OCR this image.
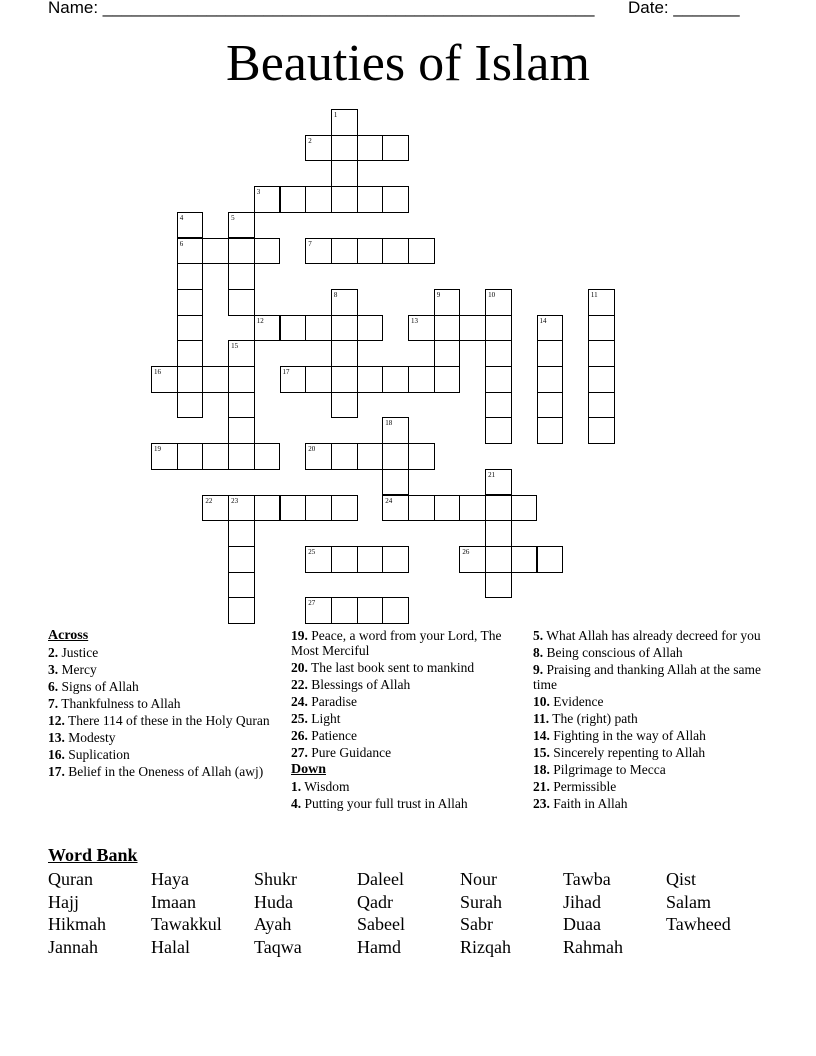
Name: ____________________________________________________ Date: _______
Beauties of Islam
1
2
3
4
6
5
7
8	9	10	11
12	13	14
15
16	17
18
24
19	20
21
22	23
25	26
27
Across
2. Justice
3. Mercy
6. Signs of Allah
7. Thankfulness to Allah
12. There 114 of these in the Holy Quran
13. Modesty
16. Suplication
17. Belief in the Oneness of Allah (awj)
19. Peace, a word from your Lord, The Most Merciful
20. The last book sent to mankind
22. Blessings of Allah
24. Paradise
25. Light
26. Patience
27. Pure Guidance
Down
1. Wisdom
4. Putting your full trust in Allah
5. What Allah has already decreed for you
8. Being conscious of Allah
9. Praising and thanking Allah at the same time
10. Evidence
11. The (right) path
14. Fighting in the way of Allah
15. Sincerely repenting to Allah
18. Pilgrimage to Mecca
21. Permissible
23. Faith in Allah
Word Bank
Quran	Haya	Shukr	Daleel	Nour	Tawba	Qist
Hajj	Imaan	Huda	Qadr	Surah	Jihad	Salam
Hikmah	Tawakkul	Ayah	Sabeel	Sabr	Duaa	Tawheed
Jannah	Halal	Taqwa	Hamd	Rizqah	Rahmah
